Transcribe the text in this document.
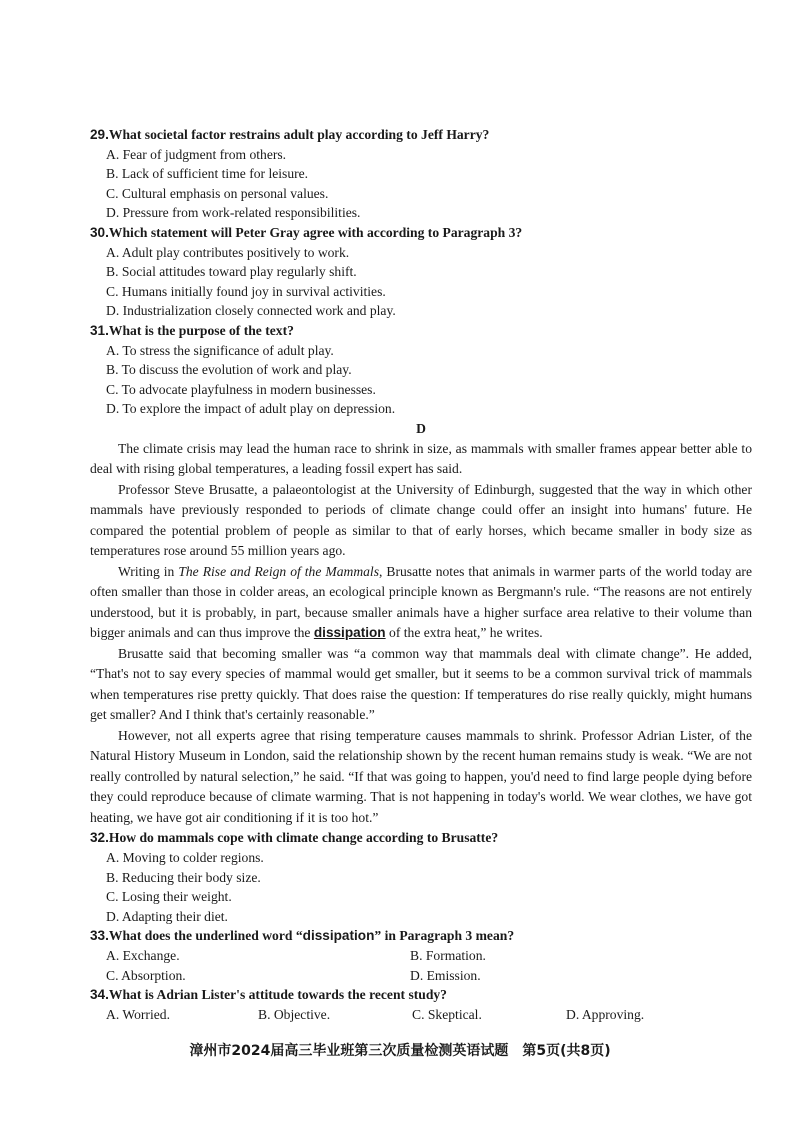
29.What societal factor restrains adult play according to Jeff Harry?

A. Fear of judgment from others.

B. Lack of sufficient time for leisure.

C. Cultural emphasis on personal values.

D. Pressure from work-related responsibilities.

30.Which statement will Peter Gray agree with according to Paragraph 3?

A. Adult play contributes positively to work.

B. Social attitudes toward play regularly shift.

C. Humans initially found joy in survival activities.

D. Industrialization closely connected work and play.

31.What is the purpose of the text?

A. To stress the significance of adult play.

B. To discuss the evolution of work and play.

C. To advocate playfulness in modern businesses.

D. To explore the impact of adult play on depression.

D

The climate crisis may lead the human race to shrink in size, as mammals with smaller frames appear better able to deal with rising global temperatures, a leading fossil expert has said.

Professor Steve Brusatte, a palaeontologist at the University of Edinburgh, suggested that the way in which other mammals have previously responded to periods of climate change could offer an insight into humans' future. He compared the potential problem of people as similar to that of early horses, which became smaller in body size as temperatures rose around 55 million years ago.

Writing in The Rise and Reign of the Mammals, Brusatte notes that animals in warmer parts of the world today are often smaller than those in colder areas, an ecological principle known as Bergmann's rule. “The reasons are not entirely understood, but it is probably, in part, because smaller animals have a higher surface area relative to their volume than bigger animals and can thus improve the dissipation of the extra heat,” he writes.

Brusatte said that becoming smaller was “a common way that mammals deal with climate change”. He added, “That's not to say every species of mammal would get smaller, but it seems to be a common survival trick of mammals when temperatures rise pretty quickly. That does raise the question: If temperatures do rise really quickly, might humans get smaller? And I think that's certainly reasonable.”

However, not all experts agree that rising temperature causes mammals to shrink. Professor Adrian Lister, of the Natural History Museum in London, said the relationship shown by the recent human remains study is weak. “We are not really controlled by natural selection,” he said. “If that was going to happen, you'd need to find large people dying before they could reproduce because of climate warming. That is not happening in today's world. We wear clothes, we have got heating, we have got air conditioning if it is too hot.”

32.How do mammals cope with climate change according to Brusatte?

A. Moving to colder regions.

B. Reducing their body size.

C. Losing their weight.

D. Adapting their diet.

33.What does the underlined word “dissipation” in Paragraph 3 mean?

A. Exchange.	B. Formation.
C. Absorption.	D. Emission.

34.What is Adrian Lister's attitude towards the recent study?

A. Worried.	B. Objective.	C. Skeptical.	D. Approving.
漳州市2024届高三毕业班第三次质量检测英语试题　第5页(共8页)
